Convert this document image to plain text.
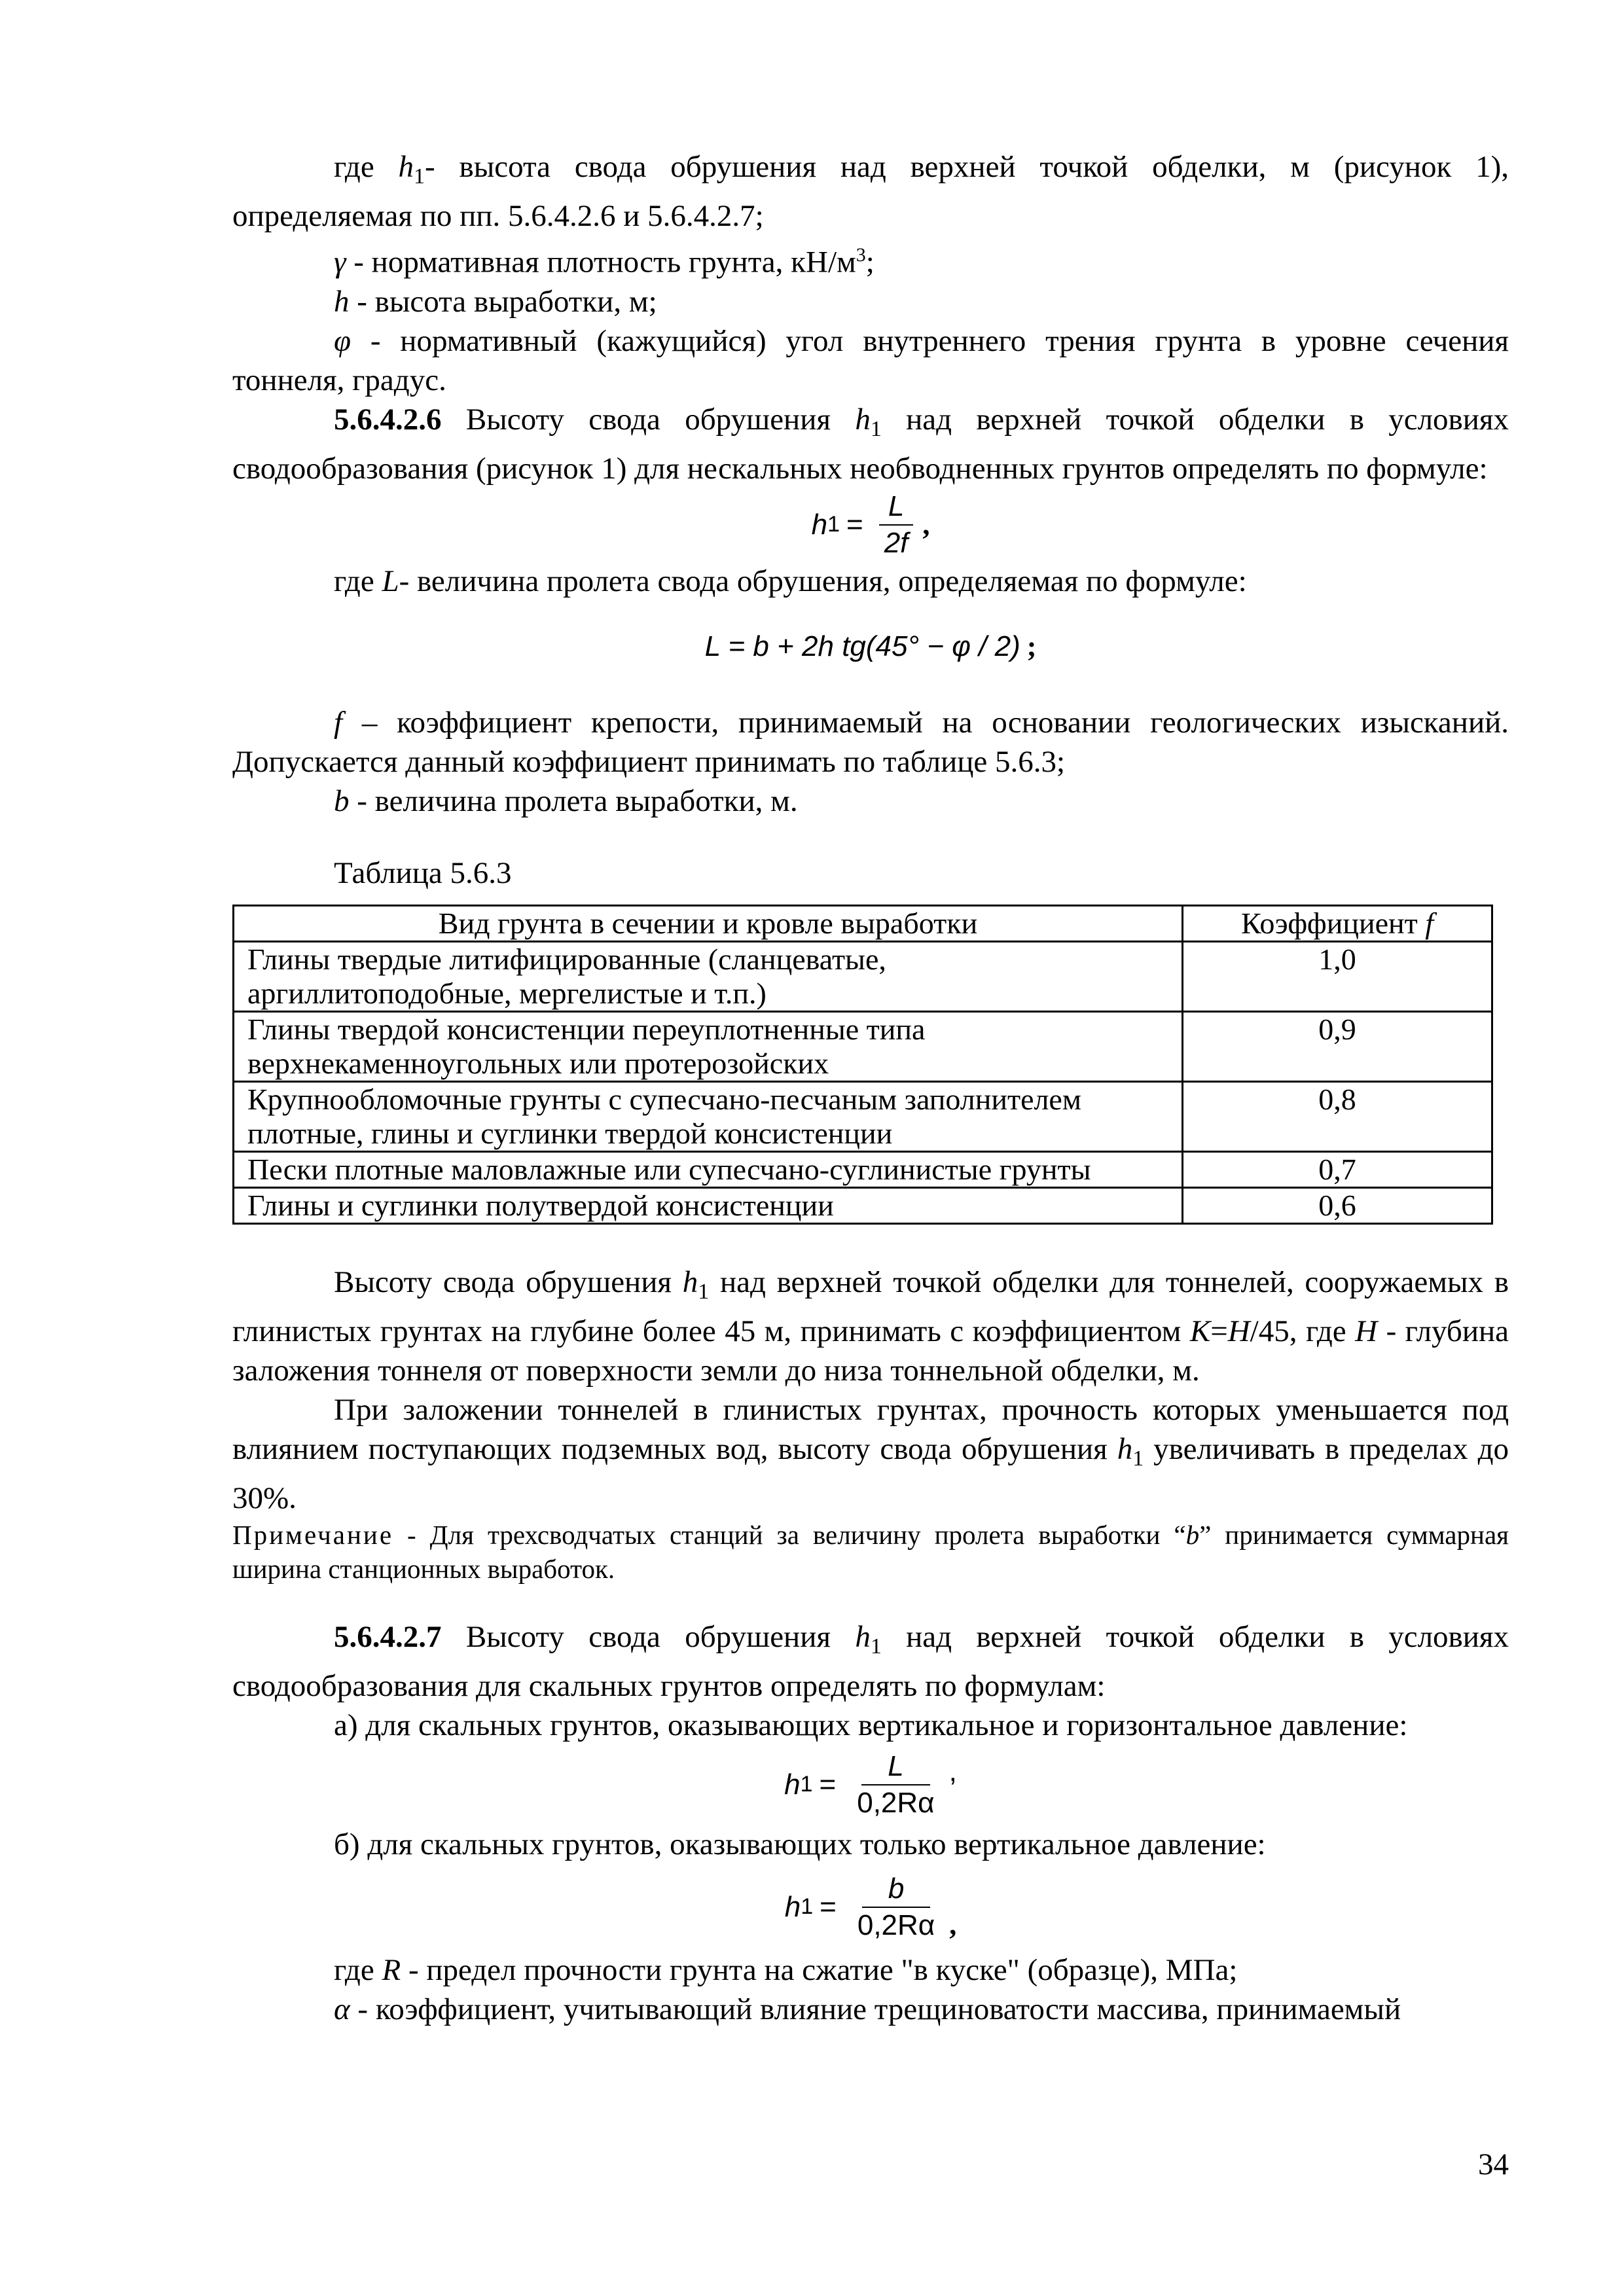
где $h_1-$ высота свода обрушения над верхней точкой обделки, м (рисунок 1), определяемая по пп. 5.6.4.2.6 и 5.6.4.2.7;

γ - нормативная плотность грунта, $кН/м^3$;

h - высота выработки, м;

φ - нормативный (кажущийся) угол внутреннего трения грунта в уровне сечения тоннеля, градус.

5.6.4.2.6 Высоту свода обрушения $h_1$ над верхней точкой обделки в условиях сводообразования (рисунок 1) для нескальных необводненных грунтов определять по формуле:

h $1 = \frac{L}{2f}$ ,

где L- величина пролета свода обрушения, определяемая по формуле:

L = b + 2h tg(45° − φ / 2) ;

f – коэффициент крепости, принимаемый на основании геологических изысканий. Допускается данный коэффициент принимать по таблице 5.6.3;

b - величина пролета выработки, м.

Таблица 5.6.3

Вид грунта в сечении и кровле выработки	Коэффициент f

Глины твердые литифицированные (сланцеватые,
аргиллитоподобные, мергелистые и т.п.)	1,0

Глины твердой консистенции переуплотненные типа
верхнекаменноугольных или протерозойских	0,9

Крупнообломочные грунты с супесчано-песчаным заполнителем
плотные, глины и суглинки твердой консистенции	0,8

Пески плотные маловлажные или супесчано-суглинистые грунты	0,7

Глины и суглинки полутвердой консистенции	0,6

Высоту свода обрушения $h_1$ над верхней точкой обделки для тоннелей, сооружаемых в глинистых грунтах на глубине более 45 м, принимать с коэффициентом K=H/45, где H - глубина заложения тоннеля от поверхности земли до низа тоннельной обделки, м.

При заложении тоннелей в глинистых грунтах, прочность которых уменьшается под влиянием поступающих подземных вод, высоту свода обрушения $h_1$ увеличивать в пределах до 30%.

Примечание - Для трехсводчатых станций за величину пролета выработки “b” принимается суммарная ширина станционных выработок.

5.6.4.2.7 Высоту свода обрушения $h_1$ над верхней точкой обделки в условиях сводообразования для скальных грунтов определять по формулам:

а) для скальных грунтов, оказывающих вертикальное и горизонтальное давление:

h $1 = \frac{L}{0,2R\alpha}$ ,

б) для скальных грунтов, оказывающих только вертикальное давление:

h $1 = \frac{b}{0,2R\alpha}$ ,

где R - предел прочности грунта на сжатие "в куске" (образце), МПа;

α - коэффициент, учитывающий влияние трещиноватости массива, принимаемый

34
